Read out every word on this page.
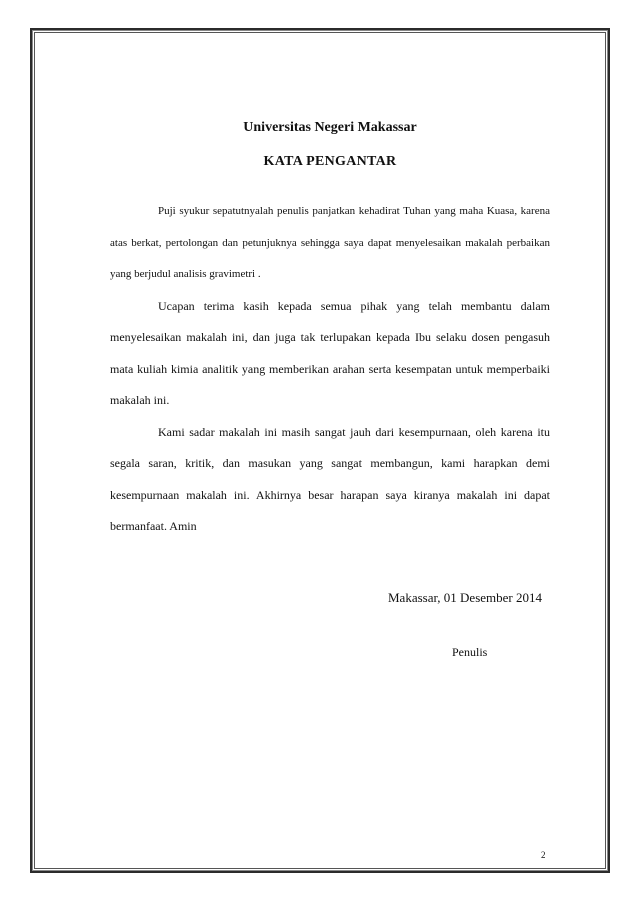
Universitas Negeri Makassar

KATA PENGANTAR

Puji syukur sepatutnyalah penulis panjatkan kehadirat Tuhan yang maha Kuasa, karena atas berkat, pertolongan dan petunjuknya sehingga saya dapat menyelesaikan makalah perbaikan yang berjudul analisis gravimetri .

Ucapan terima kasih kepada semua pihak yang telah membantu dalam menyelesaikan makalah ini, dan juga tak terlupakan kepada Ibu selaku dosen pengasuh mata kuliah kimia analitik yang memberikan arahan serta kesempatan untuk memperbaiki makalah ini.

Kami sadar makalah ini masih sangat jauh dari kesempurnaan, oleh karena itu segala saran, kritik, dan masukan yang sangat membangun, kami harapkan demi kesempurnaan makalah ini. Akhirnya besar harapan saya kiranya makalah ini dapat bermanfaat. Amin

Makassar, 01 Desember 2014
Penulis
2
